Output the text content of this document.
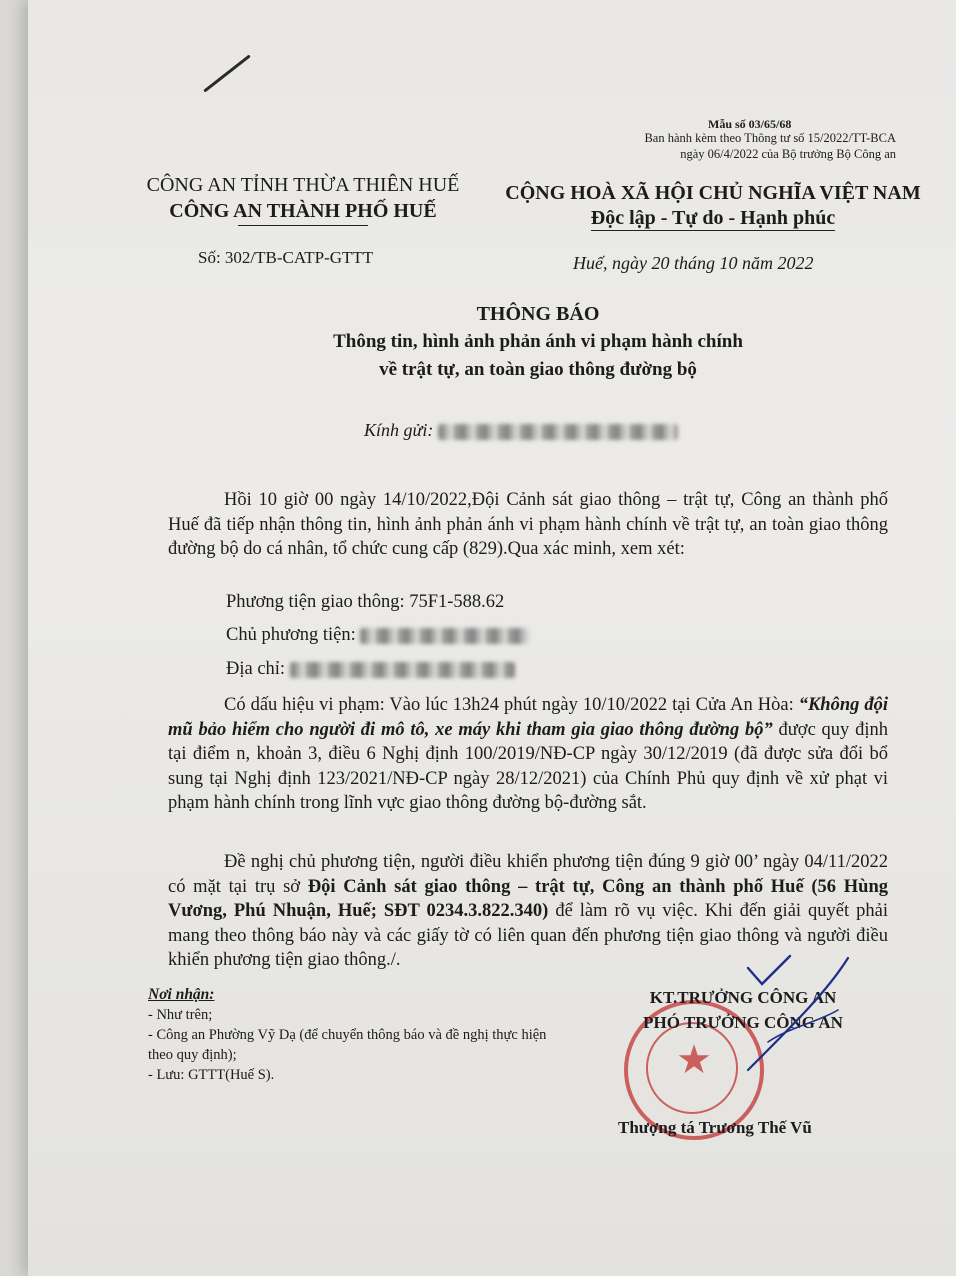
Mẫu số 03/65/68
Ban hành kèm theo Thông tư số 15/2022/TT-BCA
ngày 06/4/2022 của Bộ trưởng Bộ Công an
CÔNG AN TỈNH THỪA THIÊN HUẾ
CÔNG AN THÀNH PHỐ HUẾ
CỘNG HOÀ XÃ HỘI CHỦ NGHĨA VIỆT NAM
Độc lập - Tự do - Hạnh phúc
Số: 302/TB-CATP-GTTT	Huế, ngày 20 tháng 10 năm 2022
THÔNG BÁO
Thông tin, hình ảnh phản ánh vi phạm hành chính
về trật tự, an toàn giao thông đường bộ
Kính gửi:
Hồi 10 giờ 00 ngày 14/10/2022,Đội Cảnh sát giao thông – trật tự, Công an thành phố Huế đã tiếp nhận thông tin, hình ảnh phản ánh vi phạm hành chính về trật tự, an toàn giao thông đường bộ do cá nhân, tổ chức cung cấp (829).Qua xác minh, xem xét:
Phương tiện giao thông: 75F1-588.62
Chủ phương tiện:
Địa chỉ:
Có dấu hiệu vi phạm: Vào lúc 13h24 phút ngày 10/10/2022 tại Cửa An Hòa: “Không đội mũ bảo hiểm cho người đi mô tô, xe máy khi tham gia giao thông đường bộ” được quy định tại điểm n, khoản 3, điều 6 Nghị định 100/2019/NĐ-CP ngày 30/12/2019 (đã được sửa đổi bổ sung tại Nghị định 123/2021/NĐ-CP ngày 28/12/2021) của Chính Phủ quy định về xử phạt vi phạm hành chính trong lĩnh vực giao thông đường bộ-đường sắt.
Đề nghị chủ phương tiện, người điều khiển phương tiện đúng 9 giờ 00’ ngày 04/11/2022 có mặt tại trụ sở Đội Cảnh sát giao thông – trật tự, Công an thành phố Huế (56 Hùng Vương, Phú Nhuận, Huế; SĐT 0234.3.822.340) để làm rõ vụ việc. Khi đến giải quyết phải mang theo thông báo này và các giấy tờ có liên quan đến phương tiện giao thông và người điều khiển phương tiện giao thông./.
Nơi nhận:
- Như trên;
- Công an Phường Vỹ Dạ (để chuyển thông báo và đề nghị thực hiện theo quy định);
- Lưu: GTTT(Huế S).	★
KT.TRƯỞNG CÔNG AN
PHÓ TRƯỞNG CÔNG AN
Thượng tá Trương Thế Vũ
